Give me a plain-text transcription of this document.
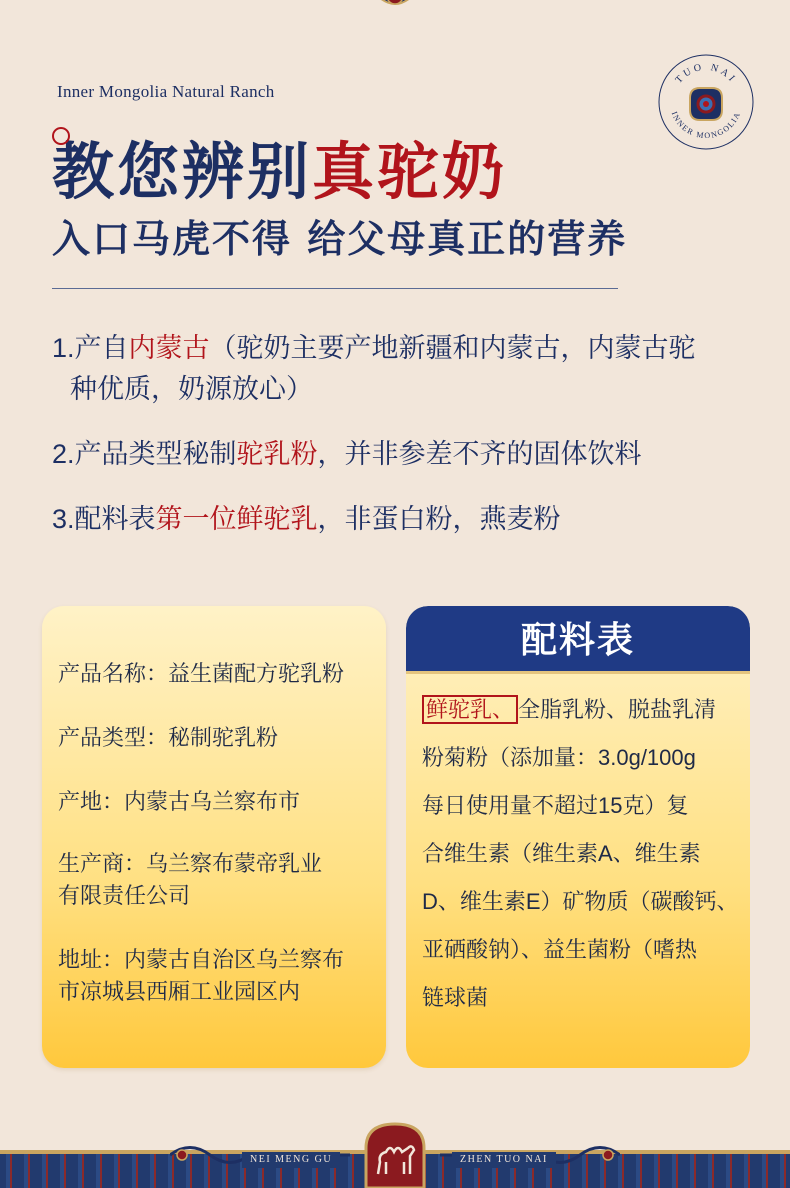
Inner Mongolia Natural Ranch
TUO NAI
INNER MONGOLIA
教您辨别真驼奶
入口马虎不得 给父母真正的营养
1.产自内蒙古（驼奶主要产地新疆和内蒙古，内蒙古驼
种优质，奶源放心）
2.产品类型秘制驼乳粉，并非参差不齐的固体饮料
3.配料表第一位鲜驼乳，非蛋白粉，燕麦粉
产品名称：益生菌配方驼乳粉
产品类型：秘制驼乳粉
产地：内蒙古乌兰察布市
生产商：乌兰察布蒙帝乳业
有限责任公司
地址：内蒙古自治区乌兰察布
市凉城县西厢工业园区内
配料表
鲜驼乳、 全脂乳粉、脱盐乳清
粉菊粉（添加量：3.0g/100g
每日使用量不超过15克）复
合维生素（维生素A、维生素
D、维生素E）矿物质（碳酸钙、
亚硒酸钠）、益生菌粉（嗜热
链球菌
NEI MENG GU	ZHEN TUO NAI
